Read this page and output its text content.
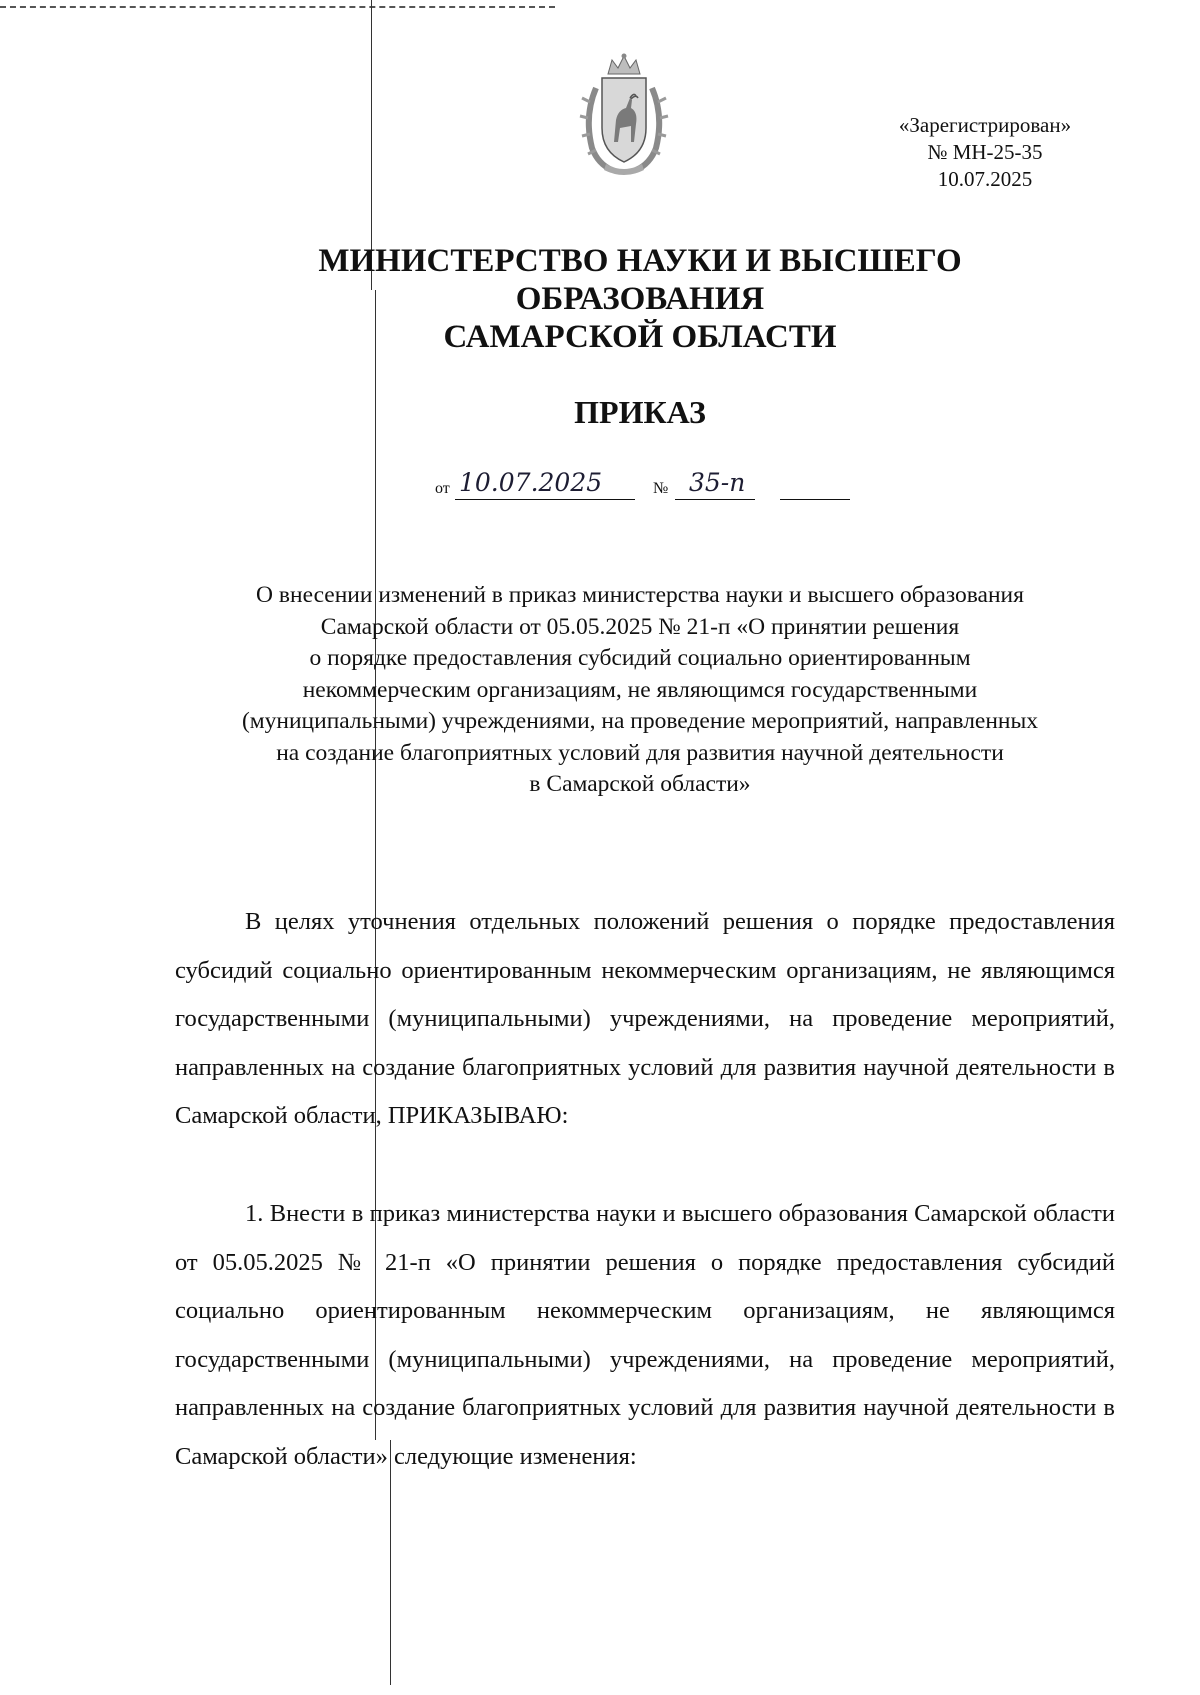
«Зарегистрирован»
№ МН-25-35
10.07.2025
МИНИСТЕРСТВО НАУКИ И ВЫСШЕГО
ОБРАЗОВАНИЯ
САМАРСКОЙ ОБЛАСТИ
ПРИКАЗ
от 10.07.2025	№ 35-п
О внесении изменений в приказ министерства науки и высшего образования
Самарской области от 05.05.2025 № 21-п «О принятии решения
о порядке предоставления субсидий социально ориентированным
некоммерческим организациям, не являющимся государственными
(муниципальными) учреждениями, на проведение мероприятий, направленных
на создание благоприятных условий для развития научной деятельности
в Самарской области»

В целях уточнения отдельных положений решения о порядке предоставления субсидий социально ориентированным некоммерческим организациям, не являющимся государственными (муниципальными) учреждениями, на проведение мероприятий, направленных на создание благоприятных условий для развития научной деятельности в Самарской области, ПРИКАЗЫВАЮ:

1. Внести в приказ министерства науки и высшего образования Самарской области от 05.05.2025 № 21-п «О принятии решения о порядке предоставления субсидий социально ориентированным некоммерческим организациям, не являющимся государственными (муниципальными) учреждениями, на проведение мероприятий, направленных на создание благоприятных условий для развития научной деятельности в Самарской области» следующие изменения:
